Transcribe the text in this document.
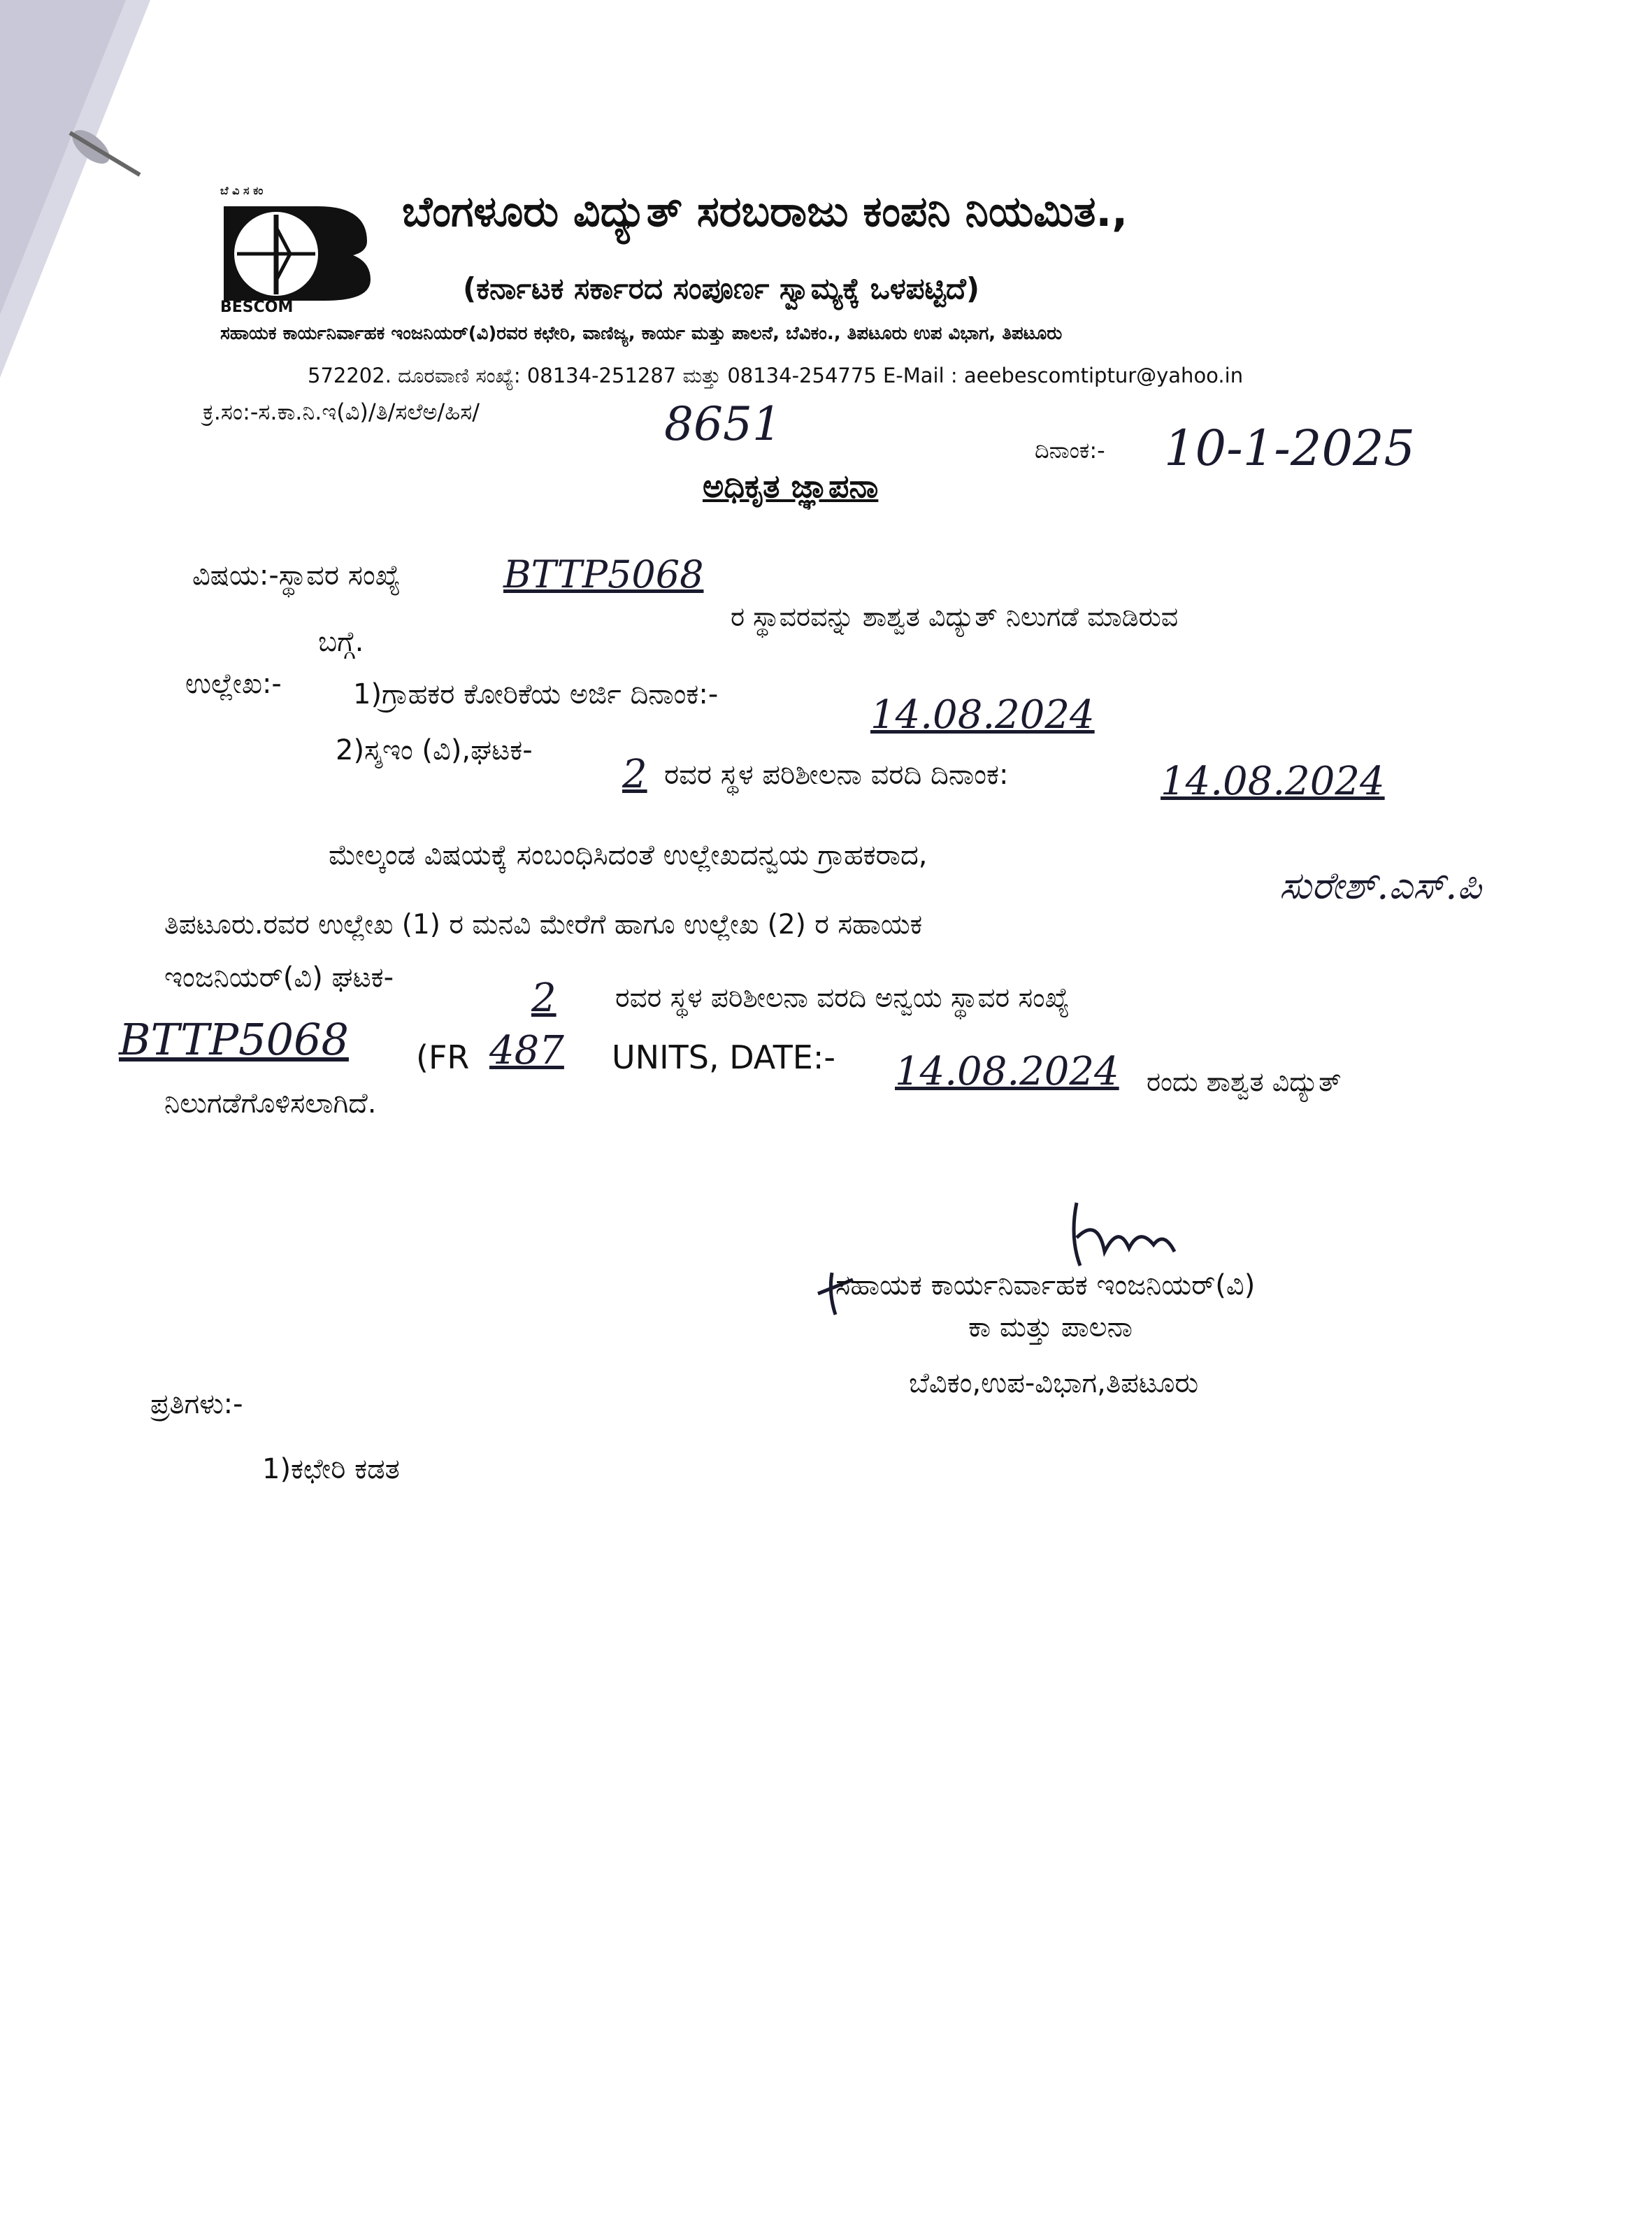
ಬೆ ವಿ ಸ ಕಂ
BESCOM
ಬೆಂಗಳೂರು ವಿದ್ಯುತ್ ಸರಬರಾಜು ಕಂಪನಿ ನಿಯಮಿತ.,
(ಕರ್ನಾಟಕ ಸರ್ಕಾರದ ಸಂಪೂರ್ಣ ಸ್ವಾಮ್ಯಕ್ಕೆ ಒಳಪಟ್ಟಿದೆ)
ಸಹಾಯಕ ಕಾರ್ಯನಿರ್ವಾಹಕ ಇಂಜನಿಯರ್(ವಿ)ರವರ ಕಛೇರಿ, ವಾಣಿಜ್ಯ, ಕಾರ್ಯ ಮತ್ತು ಪಾಲನೆ, ಬೆವಿಕಂ., ತಿಪಟೂರು ಉಪ ವಿಭಾಗ, ತಿಪಟೂರು
572202. ದೂರವಾಣಿ ಸಂಖ್ಯೆ: 08134-251287 ಮತ್ತು 08134-254775 E-Mail : aeebescomtiptur@yahoo.in
ಕ್ರ.ಸಂ:-ಸ.ಕಾ.ನಿ.ಇ(ವಿ)/ತಿ/ಸಲೆಅ/ಹಿಸ/	8651	ದಿನಾಂಕ:- 10-1-2025
ಅಧಿಕೃತ ಜ್ಞಾಪನಾ
ವಿಷಯ:-ಸ್ಥಾವರ ಸಂಖ್ಯೆ	BTTP5068
ರ ಸ್ಥಾವರವನ್ನು ಶಾಶ್ವತ ವಿದ್ಯುತ್ ನಿಲುಗಡೆ ಮಾಡಿರುವ
ಬಗ್ಗೆ.
ಉಲ್ಲೇಖ:-	1)ಗ್ರಾಹಕರ ಕೋರಿಕೆಯ ಅರ್ಜಿ ದಿನಾಂಕ:-	14.08.2024
2)ಸ್ಶಇಂ (ವಿ),ಘಟಕ-
2 ರವರ ಸ್ಥಳ ಪರಿಶೀಲನಾ ವರದಿ ದಿನಾಂಕ:	14.08.2024
ಮೇಲ್ಕಂಡ ವಿಷಯಕ್ಕೆ ಸಂಬಂಧಿಸಿದಂತೆ ಉಲ್ಲೇಖದನ್ವಯ ಗ್ರಾಹಕರಾದ,
ಸುರೇಶ್.ಎಸ್.ಪಿ
ತಿಪಟೂರು.ರವರ ಉಲ್ಲೇಖ (1) ರ ಮನವಿ ಮೇರೆಗೆ ಹಾಗೂ ಉಲ್ಲೇಖ (2) ರ ಸಹಾಯಕ
ಇಂಜನಿಯರ್(ವಿ) ಘಟಕ-	2 ರವರ ಸ್ಥಳ ಪರಿಶೀಲನಾ ವರದಿ ಅನ್ವಯ ಸ್ಥಾವರ ಸಂಖ್ಯೆ
BTTP5068 (FR 487 UNITS, DATE:- 14.08.2024 ರಂದು ಶಾಶ್ವತ ವಿದ್ಯುತ್
ನಿಲುಗಡೆಗೊಳಿಸಲಾಗಿದೆ.
ಸಹಾಯಕ ಕಾರ್ಯನಿರ್ವಾಹಕ ಇಂಜನಿಯರ್(ವಿ)
ಕಾ ಮತ್ತು ಪಾಲನಾ
ಬೆವಿಕಂ,ಉಪ-ವಿಭಾಗ,ತಿಪಟೂರು
ಪ್ರತಿಗಳು:-
1)ಕಛೇರಿ ಕಡತ
